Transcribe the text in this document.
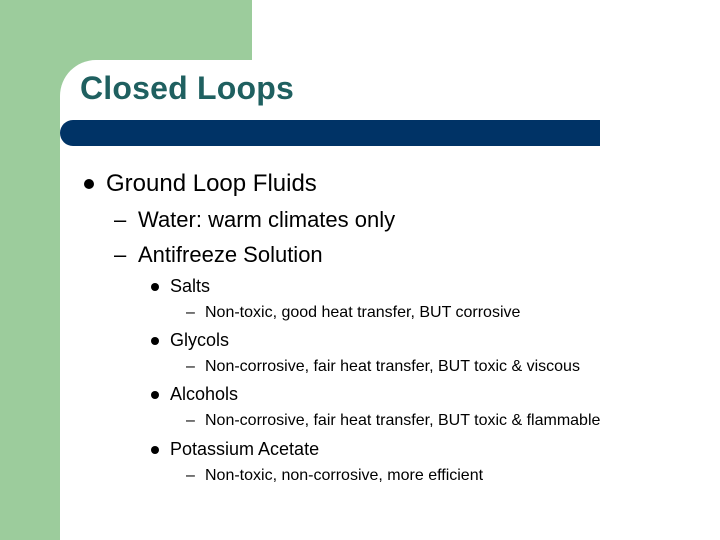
Closed Loops
Ground Loop Fluids
– Water: warm climates only
– Antifreeze Solution
Salts
– Non-toxic, good heat transfer, BUT corrosive
Glycols
– Non-corrosive, fair heat transfer, BUT toxic & viscous
Alcohols
– Non-corrosive, fair heat transfer, BUT toxic & flammable
Potassium Acetate
– Non-toxic, non-corrosive, more efficient
